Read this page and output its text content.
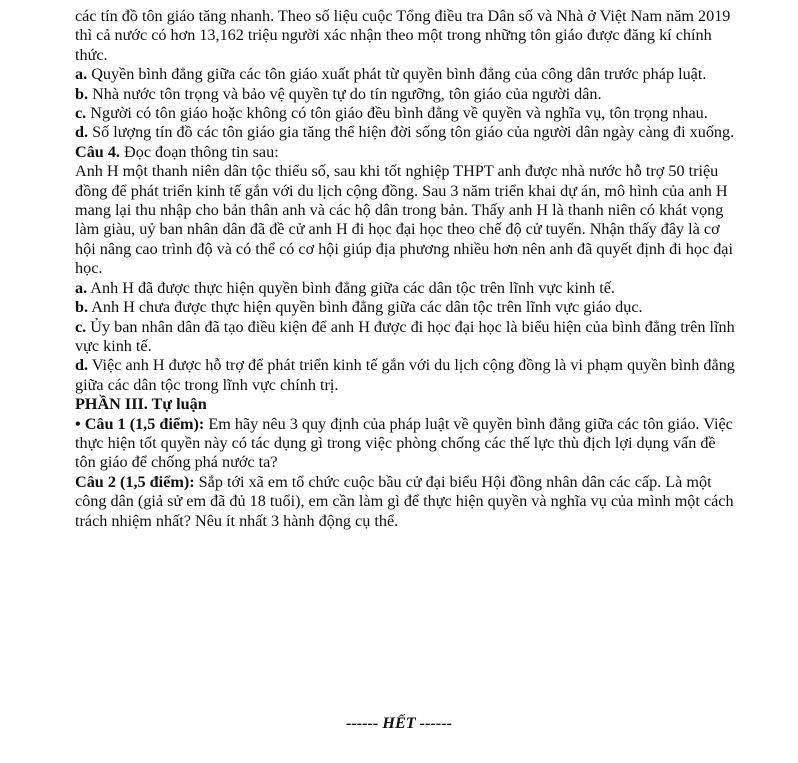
các tín đồ tôn giáo tăng nhanh. Theo số liệu cuộc Tổng điều tra Dân số và Nhà ở Việt Nam năm 2019 thì cả nước có hơn 13,162 triệu người xác nhận theo một trong những tôn giáo được đăng kí chính thức.

a. Quyền bình đẳng giữa các tôn giáo xuất phát từ quyền bình đẳng của công dân trước pháp luật.

b. Nhà nước tôn trọng và bảo vệ quyền tự do tín ngưỡng, tôn giáo của người dân.

c. Người có tôn giáo hoặc không có tôn giáo đều bình đẳng về quyền và nghĩa vụ, tôn trọng nhau.

d. Số lượng tín đồ các tôn giáo gia tăng thể hiện đời sống tôn giáo của người dân ngày càng đi xuống.

Câu 4. Đọc đoạn thông tin sau:

Anh H một thanh niên dân tộc thiểu số, sau khi tốt nghiệp THPT anh được nhà nước hỗ trợ 50 triệu đồng để phát triển kinh tế gắn với du lịch cộng đồng. Sau 3 năm triển khai dự án, mô hình của anh H mang lại thu nhập cho bản thân anh và các hộ dân trong bản. Thấy anh H là thanh niên có khát vọng làm giàu, uỷ ban nhân dân đã đề cử anh H đi học đại học theo chế độ cử tuyển. Nhận thấy đây là cơ hội nâng cao trình độ và có thể có cơ hội giúp địa phương nhiều hơn nên anh đã quyết định đi học đại học.

a. Anh H đã được thực hiện quyền bình đẳng giữa các dân tộc trên lĩnh vực kinh tế.

b. Anh H chưa được thực hiện quyền bình đẳng giữa các dân tộc trên lĩnh vực giáo dục.

c. Ủy ban nhân dân đã tạo điều kiện để anh H được đi học đại học là biểu hiện của bình đẳng trên lĩnh vực kinh tế.

d. Việc anh H được hỗ trợ để phát triển kinh tế gắn với du lịch cộng đồng là vi phạm quyền bình đẳng giữa các dân tộc trong lĩnh vực chính trị.

PHẦN III. Tự luận

• Câu 1 (1,5 điểm): Em hãy nêu 3 quy định của pháp luật về quyền bình đẳng giữa các tôn giáo. Việc thực hiện tốt quyền này có tác dụng gì trong việc phòng chống các thế lực thù địch lợi dụng vấn đề tôn giáo để chống phá nước ta?

Câu 2 (1,5 điểm): Sắp tới xã em tổ chức cuộc bầu cử đại biểu Hội đồng nhân dân các cấp. Là một công dân (giả sử em đã đủ 18 tuổi), em cần làm gì để thực hiện quyền và nghĩa vụ của mình một cách trách nhiệm nhất? Nêu ít nhất 3 hành động cụ thể.

------ HẾT ------
